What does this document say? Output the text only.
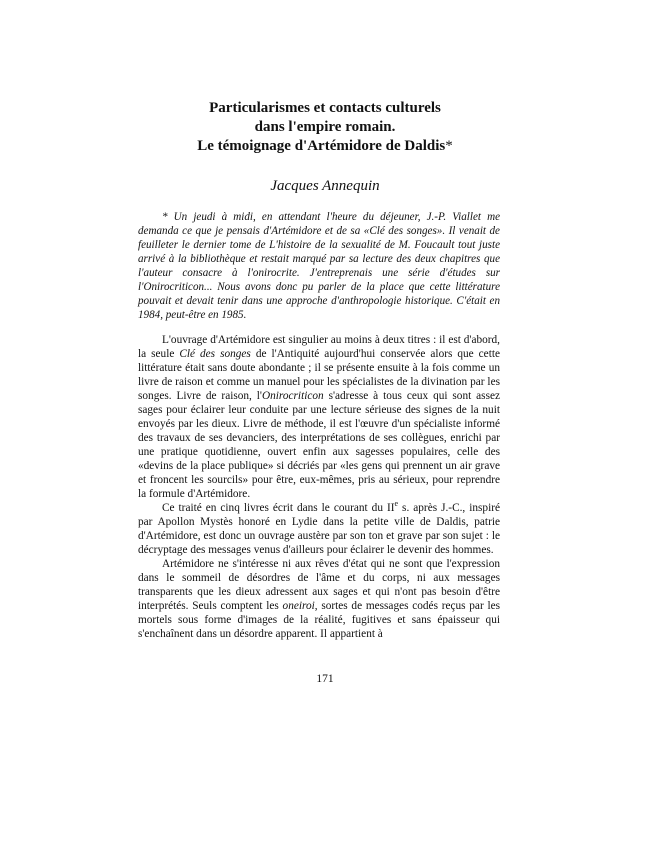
Particularismes et contacts culturels
dans l'empire romain.
Le témoignage d'Artémidore de Daldis*
Jacques Annequin
* Un jeudi à midi, en attendant l'heure du déjeuner, J.-P. Viallet me demanda ce que je pensais d'Artémidore et de sa «Clé des songes». Il venait de feuilleter le dernier tome de L'histoire de la sexualité de M. Foucault tout juste arrivé à la bibliothèque et restait marqué par sa lecture des deux chapitres que l'auteur consacre à l'onirocrite. J'entreprenais une série d'études sur l'Onirocriticon... Nous avons donc pu parler de la place que cette littérature pouvait et devait tenir dans une approche d'anthropologie historique. C'était en 1984, peut-être en 1985.

L'ouvrage d'Artémidore est singulier au moins à deux titres : il est d'abord, la seule Clé des songes de l'Antiquité aujourd'hui conservée alors que cette littérature était sans doute abondante ; il se présente ensuite à la fois comme un livre de raison et comme un manuel pour les spécialistes de la divination par les songes. Livre de raison, l'Onirocriticon s'adresse à tous ceux qui sont assez sages pour éclairer leur conduite par une lecture sérieuse des signes de la nuit envoyés par les dieux. Livre de méthode, il est l'œuvre d'un spécialiste informé des travaux de ses devanciers, des interprétations de ses collègues, enrichi par une pratique quotidienne, ouvert enfin aux sagesses populaires, celle des «devins de la place publique» si décriés par «les gens qui prennent un air grave et froncent les sourcils» pour être, eux-mêmes, pris au sérieux, pour reprendre la formule d'Artémidore.

Ce traité en cinq livres écrit dans le courant du IIe s. après J.-C., inspiré par Apollon Mystès honoré en Lydie dans la petite ville de Daldis, patrie d'Artémidore, est donc un ouvrage austère par son ton et grave par son sujet : le décryptage des messages venus d'ailleurs pour éclairer le devenir des hommes.

Artémidore ne s'intéresse ni aux rêves d'état qui ne sont que l'expression dans le sommeil de désordres de l'âme et du corps, ni aux messages transparents que les dieux adressent aux sages et qui n'ont pas besoin d'être interprétés. Seuls comptent les oneiroi, sortes de messages codés reçus par les mortels sous forme d'images de la réalité, fugitives et sans épaisseur qui s'enchaînent dans un désordre apparent. Il appartient à

171
